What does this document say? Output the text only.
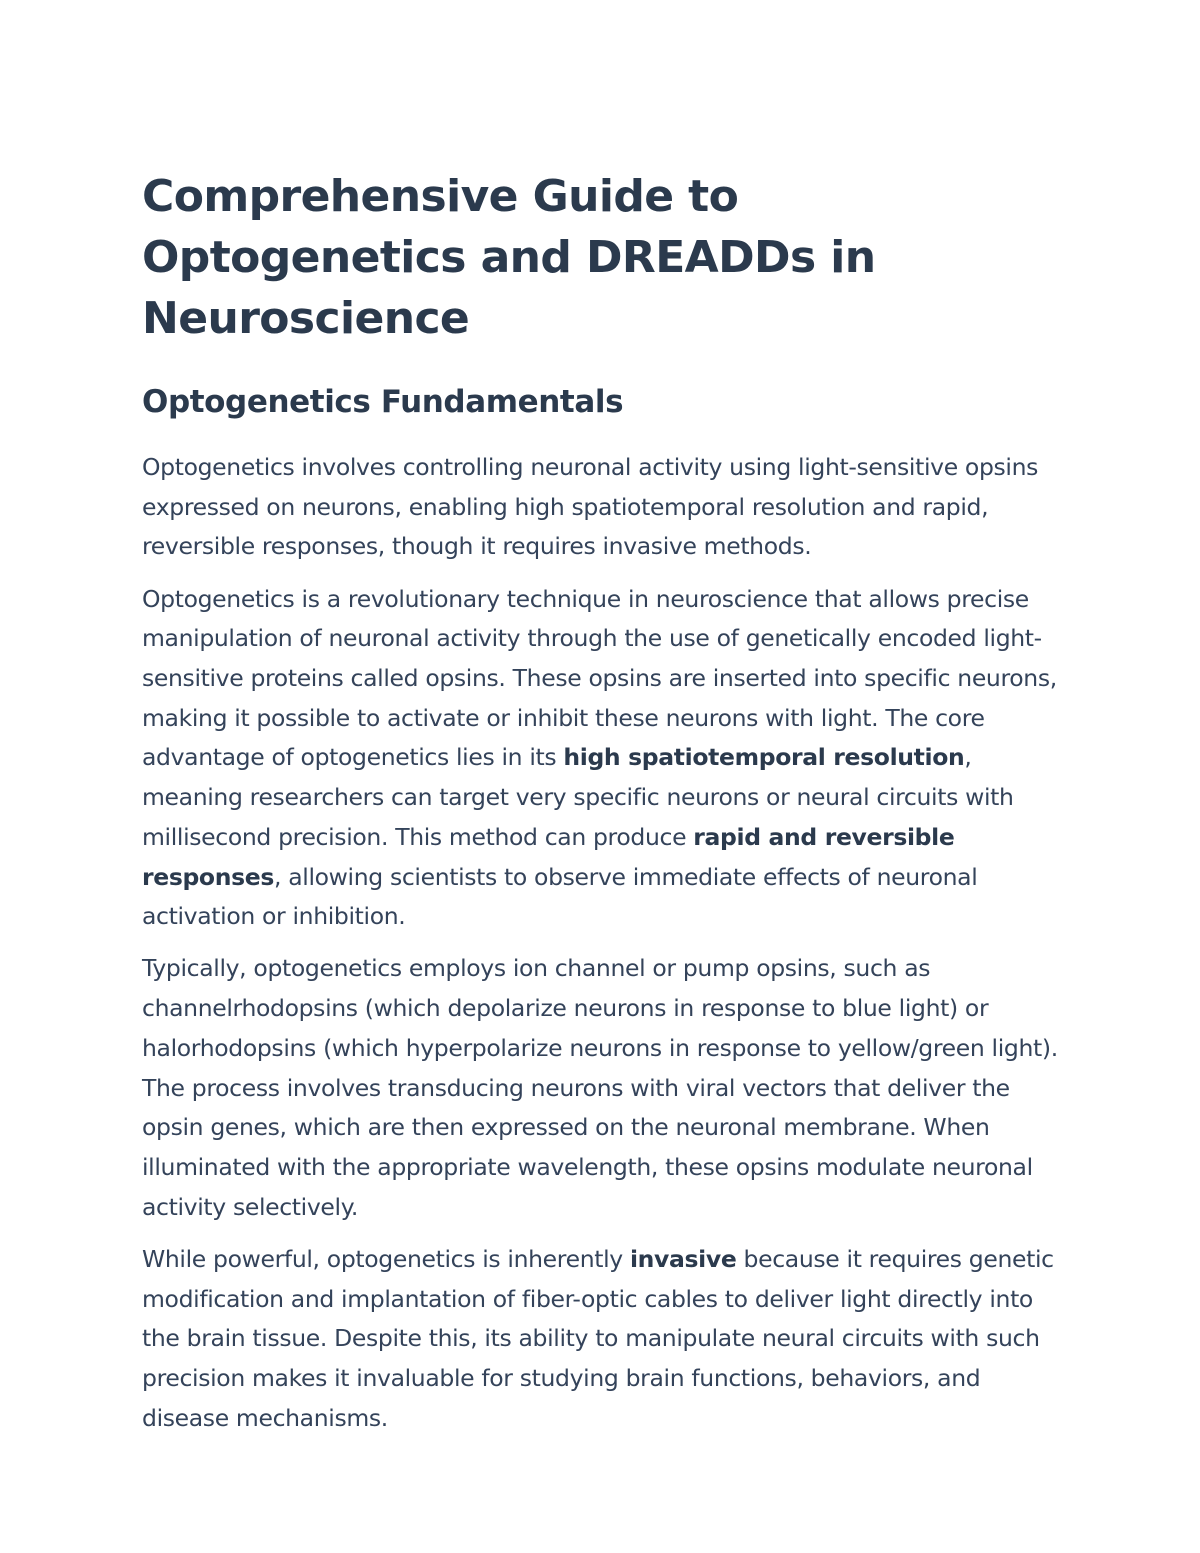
Comprehensive Guide to Optogenetics and DREADDs in Neuroscience
Optogenetics Fundamentals

Optogenetics involves controlling neuronal activity using light-sensitive opsins expressed on neurons, enabling high spatiotemporal resolution and rapid, reversible responses, though it requires invasive methods.

Optogenetics is a revolutionary technique in neuroscience that allows precise manipulation of neuronal activity through the use of genetically encoded light-sensitive proteins called opsins. These opsins are inserted into specific neurons, making it possible to activate or inhibit these neurons with light. The core advantage of optogenetics lies in its high spatiotemporal resolution, meaning researchers can target very specific neurons or neural circuits with millisecond precision. This method can produce rapid and reversible responses, allowing scientists to observe immediate effects of neuronal activation or inhibition.

Typically, optogenetics employs ion channel or pump opsins, such as channelrhodopsins (which depolarize neurons in response to blue light) or halorhodopsins (which hyperpolarize neurons in response to yellow/green light). The process involves transducing neurons with viral vectors that deliver the opsin genes, which are then expressed on the neuronal membrane. When illuminated with the appropriate wavelength, these opsins modulate neuronal activity selectively.

While powerful, optogenetics is inherently invasive because it requires genetic modification and implantation of fiber-optic cables to deliver light directly into the brain tissue. Despite this, its ability to manipulate neural circuits with such precision makes it invaluable for studying brain functions, behaviors, and disease mechanisms.
